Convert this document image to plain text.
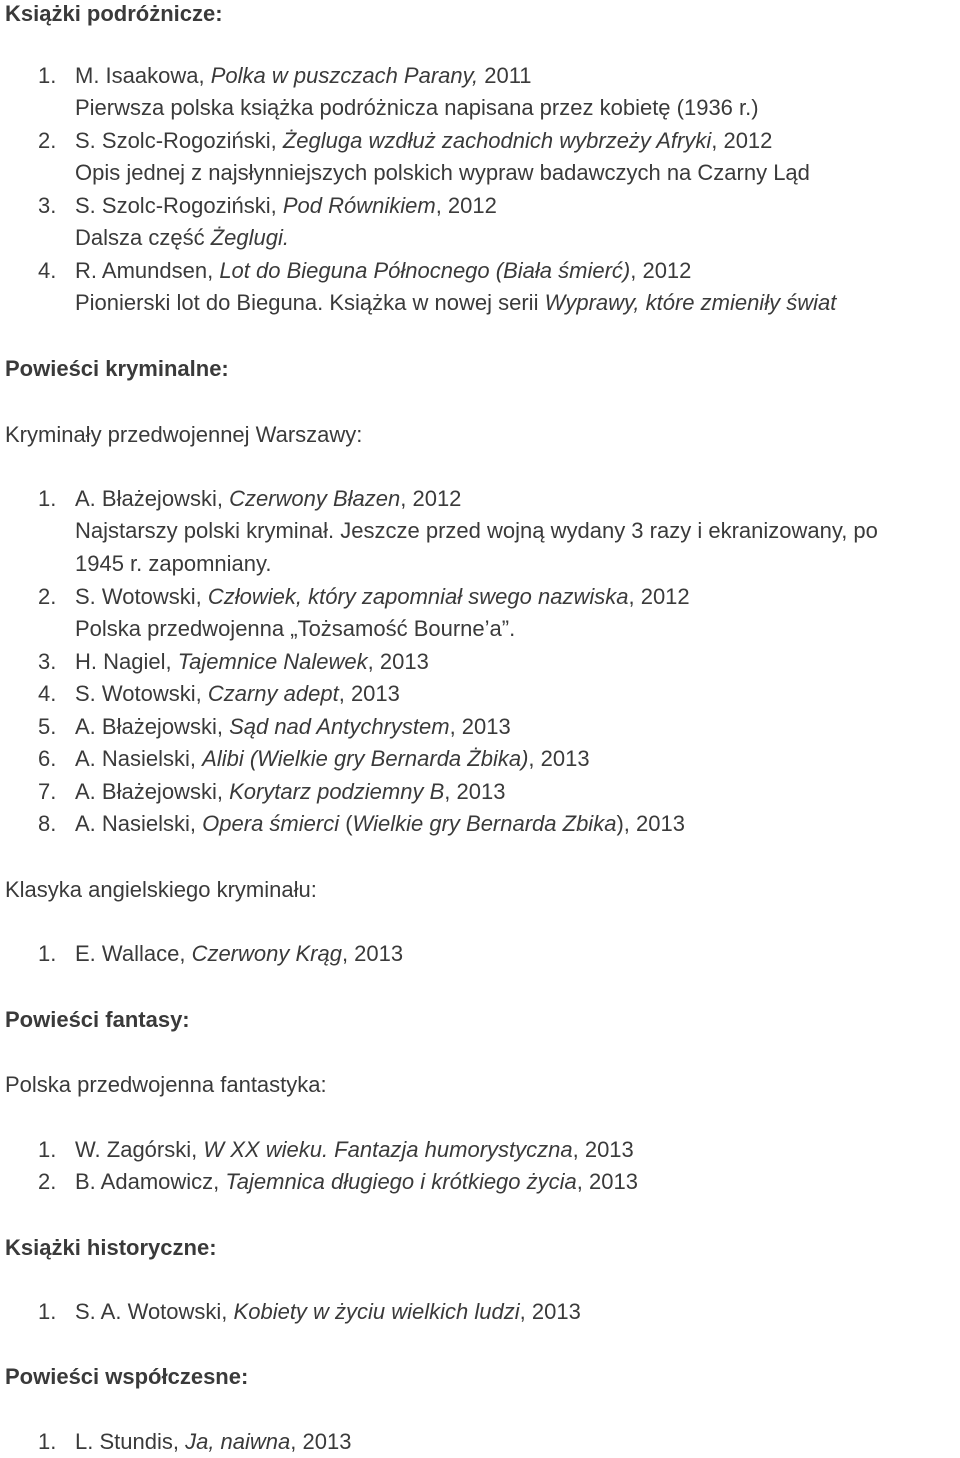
Książki podróżnicze:
1. M. Isaakowa, Polka w puszczach Parany, 2011
Pierwsza polska książka podróżnicza napisana przez kobietę (1936 r.)
2. S. Szolc-Rogoziński, Żegluga wzdłuż zachodnich wybrzeży Afryki, 2012
Opis jednej z najsłynniejszych polskich wypraw badawczych na Czarny Ląd
3. S. Szolc-Rogoziński, Pod Równikiem, 2012
Dalsza część Żeglugi.
4. R. Amundsen, Lot do Bieguna Północnego (Biała śmierć), 2012
Pionierski lot do Bieguna. Książka w nowej serii Wyprawy, które zmieniły świat
Powieści kryminalne:
Kryminały przedwojennej Warszawy:
1. A. Błażejowski, Czerwony Błazen, 2012
Najstarszy polski kryminał. Jeszcze przed wojną wydany 3 razy i ekranizowany, po
1945 r. zapomniany.
2. S. Wotowski, Człowiek, który zapomniał swego nazwiska, 2012
Polska przedwojenna „Tożsamość Bourne’a”.
3. H. Nagiel, Tajemnice Nalewek, 2013
4. S. Wotowski, Czarny adept, 2013
5. A. Błażejowski, Sąd nad Antychrystem, 2013
6. A. Nasielski, Alibi (Wielkie gry Bernarda Żbika), 2013
7. A. Błażejowski, Korytarz podziemny B, 2013
8. A. Nasielski, Opera śmierci (Wielkie gry Bernarda Zbika), 2013
Klasyka angielskiego kryminału:
1. E. Wallace, Czerwony Krąg, 2013
Powieści fantasy:
Polska przedwojenna fantastyka:
1. W. Zagórski, W XX wieku. Fantazja humorystyczna, 2013
2. B. Adamowicz, Tajemnica długiego i krótkiego życia, 2013
Książki historyczne:
1. S. A. Wotowski, Kobiety w życiu wielkich ludzi, 2013
Powieści współczesne:
1. L. Stundis, Ja, naiwna, 2013
